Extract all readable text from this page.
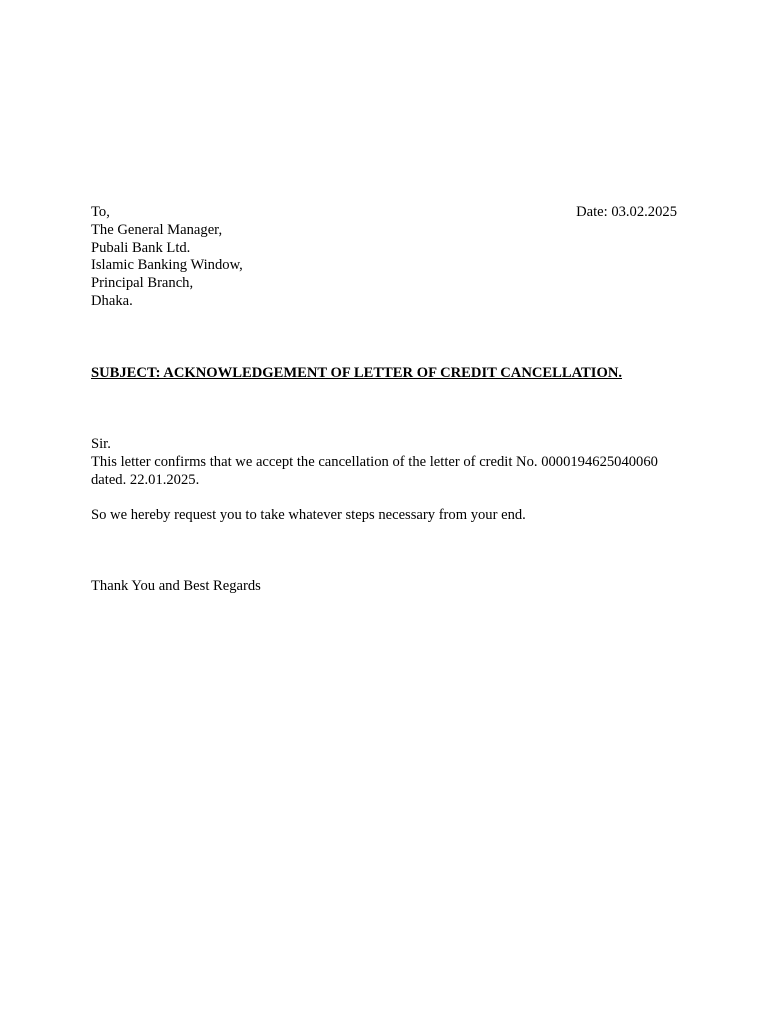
Date: 03.02.2025
To,
The General Manager,
Pubali Bank Ltd.
Islamic Banking Window,
Principal Branch,
Dhaka.
SUBJECT: ACKNOWLEDGEMENT OF LETTER OF CREDIT CANCELLATION.
Sir.
This letter confirms that we accept the cancellation of the letter of credit No. 0000194625040060
dated. 22.01.2025.
So we hereby request you to take whatever steps necessary from your end.
Thank You and Best Regards
